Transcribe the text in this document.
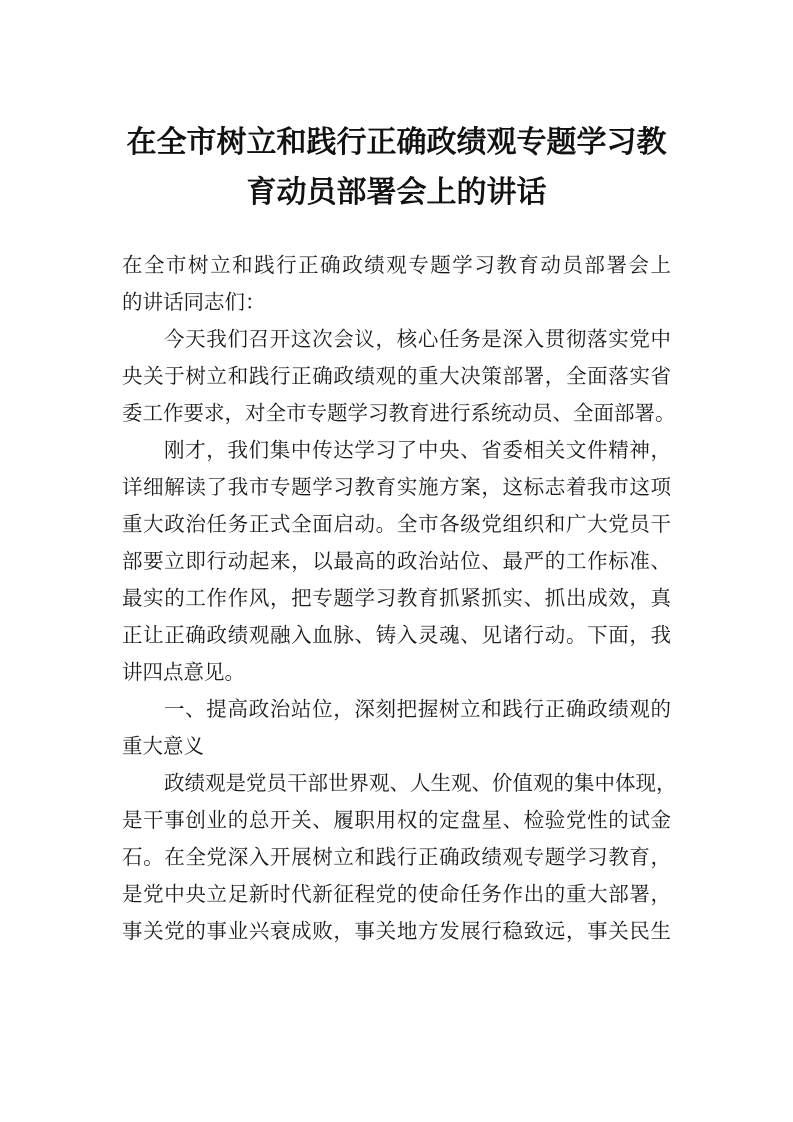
在全市树立和践行正确政绩观专题学习教
育动员部署会上的讲话
在全市树立和践行正确政绩观专题学习教育动员部署会上
的讲话同志们：
今天我们召开这次会议，核心任务是深入贯彻落实党中
央关于树立和践行正确政绩观的重大决策部署，全面落实省
委工作要求，对全市专题学习教育进行系统动员、全面部署。
刚才，我们集中传达学习了中央、省委相关文件精神，
详细解读了我市专题学习教育实施方案，这标志着我市这项
重大政治任务正式全面启动。全市各级党组织和广大党员干
部要立即行动起来，以最高的政治站位、最严的工作标准、
最实的工作作风，把专题学习教育抓紧抓实、抓出成效，真
正让正确政绩观融入血脉、铸入灵魂、见诸行动。下面，我
讲四点意见。
一、提高政治站位，深刻把握树立和践行正确政绩观的
重大意义
政绩观是党员干部世界观、人生观、价值观的集中体现，
是干事创业的总开关、履职用权的定盘星、检验党性的试金
石。在全党深入开展树立和践行正确政绩观专题学习教育，
是党中央立足新时代新征程党的使命任务作出的重大部署，
事关党的事业兴衰成败，事关地方发展行稳致远，事关民生
